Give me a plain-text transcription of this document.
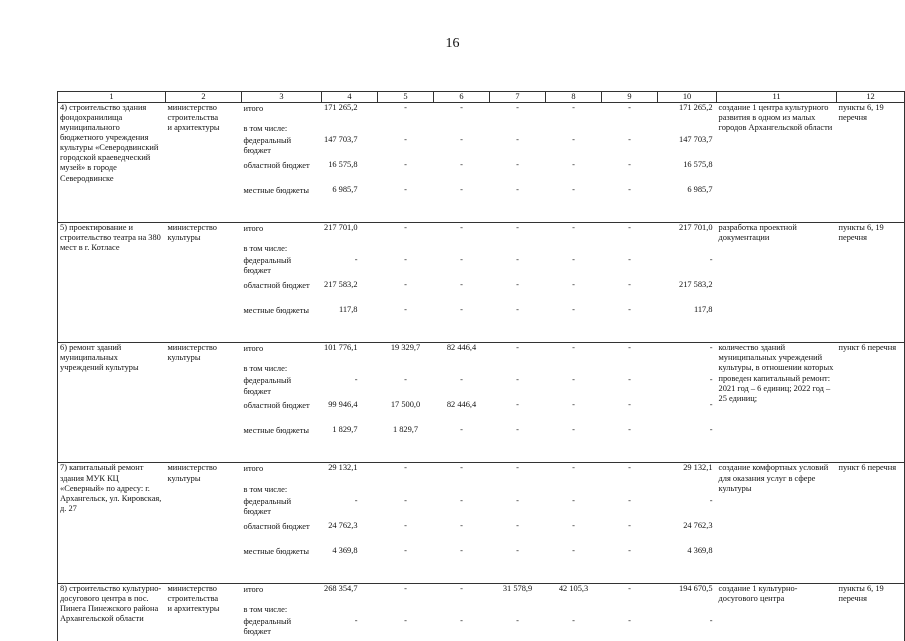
16
1	2	3	4	5	6	7	8	9	10	11	12
4) строительство здания фондохранилища муниципального бюджетного учреждения культуры «Северодвинский городской краеведческий музей» в городе Северодвинске	министерство строительства	итого	171 265,2	-	-	-	-	-	171 265,2	создание 1 центра культурного развития в одном из малых городов Архангельской области	пункты 6, 19 перечня
	и архитектуры	в том числе:									
		федеральный бюджет	147 703,7	-	-	-	-	-	147 703,7		
		областной бюджет	16 575,8	-	-	-	-	-	16 575,8		
		местные бюджеты	6 985,7	-	-	-	-	-	6 985,7		

5) проектирование и строительство театра на 380 мест в г. Котласе	министерство культуры	итого	217 701,0	-	-	-	-	-	217 701,0	разработка проектной документации	пункты 6, 19 перечня
		в том числе:									
		федеральный бюджет	-	-	-	-	-	-	-		
		областной бюджет	217 583,2	-	-	-	-	-	217 583,2		
		местные бюджеты	117,8	-	-	-	-	-	117,8		

6) ремонт зданий муниципальных учреждений культуры	министерство культуры	итого	101 776,1	19 329,7	82 446,4	-	-	-	-	количество зданий муниципальных учреждений культуры, в отношении которых проведен капитальный ремонт: 2021 год – 6 единиц; 2022 год – 25 единиц;	пункт 6 перечня
		в том числе:									
		федеральный бюджет	-	-	-	-	-	-	-		
		областной бюджет	99 946,4	17 500,0	82 446,4	-	-	-	-		
		местные бюджеты	1 829,7	1 829,7	-	-	-	-	-		

7) капитальный ремонт здания МУК КЦ «Северный» по адресу: г. Архангельск, ул. Кировская, д. 27	министерство культуры	итого	29 132,1	-	-	-	-	-	29 132,1	создание комфортных условий для оказания услуг в сфере культуры	пункт 6 перечня
		в том числе:									
		федеральный бюджет	-	-	-	-	-	-	-		
		областной бюджет	24 762,3	-	-	-	-	-	24 762,3		
		местные бюджеты	4 369,8	-	-	-	-	-	4 369,8		

8) строительство культурно-досугового центра в пос. Пинега Пинежского района Архангельской области	министерство строительства	итого	268 354,7	-	-	31 578,9	42 105,3	-	194 670,5	создание 1 культурно-досугового центра	пункты 6, 19 перечня
	и архитектуры	в том числе:									
		федеральный бюджет	-	-	-	-	-	-	-		
